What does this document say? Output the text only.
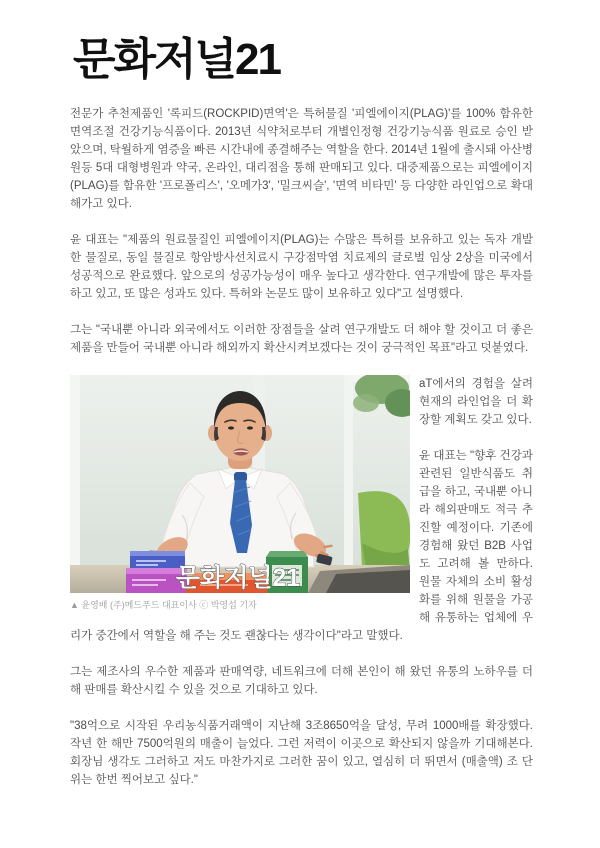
문화저널21

전문가 추천제품인 '록피드(ROCKPID)면역'은 특허물질 '피엘에이지(PLAG)'를 100% 함유한 면역조절 건강기능식품이다. 2013년 식약처로부터 개별인정형 건강기능식품 원료로 승인 받았으며, 탁월하게 염증을 빠른 시간내에 종결해주는 역할을 한다. 2014년 1월에 출시돼 아산병원등 5대 대형병원과 약국, 온라인, 대리점을 통해 판매되고 있다. 대중제품으로는 피엘에이지(PLAG)를 함유한 '프로폴리스', '오메가3', '밀크씨슬', '면역 비타민' 등 다양한 라인업으로 확대해가고 있다.

윤 대표는 "제품의 원료물질인 피엘에이지(PLAG)는 수많은 특허를 보유하고 있는 독자 개발한 물질로, 동일 물질로 항암방사선치료시 구강점막염 치료제의 글로벌 임상 2상을 미국에서 성공적으로 완료했다. 앞으로의 성공가능성이 매우 높다고 생각한다. 연구개발에 많은 투자를 하고 있고, 또 많은 성과도 있다. 특허와 논문도 많이 보유하고 있다"고 설명했다.

그는 "국내뿐 아니라 외국에서도 이러한 장점들을 살려 연구개발도 더 해야 할 것이고 더 좋은 제품을 만들어 국내뿐 아니라 해외까지 확산시켜보겠다는 것이 궁극적인 목표"라고 덧붙였다.

문화저널21
▲ 윤영배 (주)메드푸드 대표이사 ⓒ 박영섭 기자

aT에서의 경험을 살려 현재의 라인업을 더 확장할 계획도 갖고 있다.

윤 대표는 "향후 건강과 관련된 일반식품도 취급을 하고, 국내뿐 아니라 해외판매도 적극 추진할 예정이다. 기존에 경험해 왔던 B2B 사업도 고려해 볼 만하다. 원물 자체의 소비 활성화를 위해 원물을 가공해 유통하는 업체에 우리가 중간에서 역할을 해 주는 것도 괜찮다는 생각이다"라고 말했다.

그는 제조사의 우수한 제품과 판매역량, 네트워크에 더해 본인이 해 왔던 유통의 노하우를 더해 판매를 확산시킬 수 있을 것으로 기대하고 있다.

"38억으로 시작된 우리농식품거래액이 지난해 3조8650억을 달성, 무려 1000배를 확장했다. 작년 한 해만 7500억원의 매출이 늘었다. 그런 저력이 이곳으로 확산되지 않을까 기대해본다. 회장님 생각도 그러하고 저도 마찬가지로 그러한 꿈이 있고, 열심히 더 뛰면서 (매출액) 조 단위는 한번 찍어보고 싶다."
